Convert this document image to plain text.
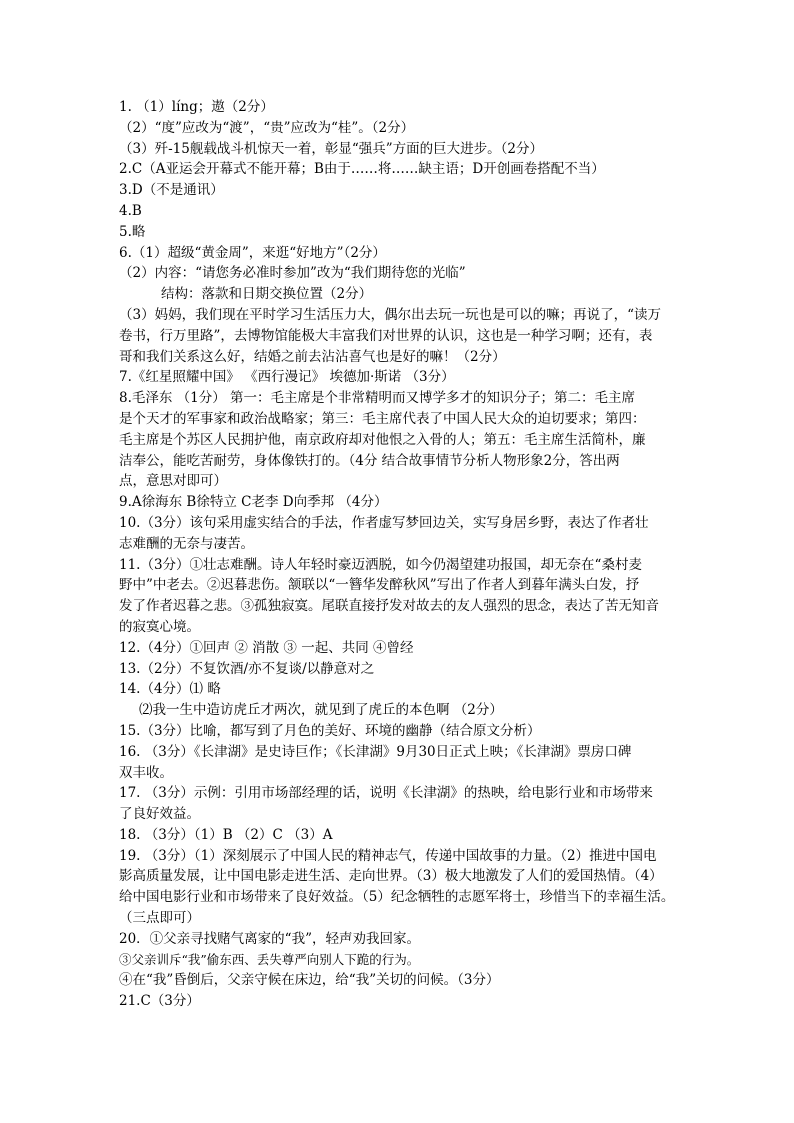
1. （1）líng；遨（2分）
（2）“度”应改为“渡”，“贵”应改为“桂”。（2分）
（3）歼-15舰载战斗机惊天一着，彰显“强兵”方面的巨大进步。（2分）
2.C（A亚运会开幕式不能开幕；B由于……将……缺主语；D开创画卷搭配不当）
3.D（不是通讯）
4.B
5.略
6.（1）超级“黄金周”，来逛“好地方”（2分）
（2）内容：“请您务必准时参加”改为“我们期待您的光临”
结构：落款和日期交换位置（2分）
（3）妈妈，我们现在平时学习生活压力大，偶尔出去玩一玩也是可以的嘛；再说了，“读万
卷书，行万里路”，去博物馆能极大丰富我们对世界的认识，这也是一种学习啊；还有，表
哥和我们关系这么好，结婚之前去沾沾喜气也是好的嘛！（2分）
7.《红星照耀中国》 《西行漫记》 埃德加·斯诺 （3分）
8.毛泽东 （1分） 第一：毛主席是个非常精明而又博学多才的知识分子；第二：毛主席
是个天才的军事家和政治战略家；第三：毛主席代表了中国人民大众的迫切要求；第四：
毛主席是个苏区人民拥护他，南京政府却对他恨之入骨的人；第五：毛主席生活简朴，廉
洁奉公，能吃苦耐劳，身体像铁打的。（4分 结合故事情节分析人物形象2分，答出两
点，意思对即可）
9.A徐海东 B徐特立 C老李 D向季邦 （4分）
10.（3分）该句采用虚实结合的手法，作者虚写梦回边关，实写身居乡野，表达了作者壮
志难酬的无奈与凄苦。
11.（3分）①壮志难酬。诗人年轻时豪迈洒脱，如今仍渴望建功报国，却无奈在“桑村麦
野中”中老去。②迟暮悲伤。颔联以“一簪华发醉秋风”写出了作者人到暮年满头白发，抒
发了作者迟暮之悲。③孤独寂寞。尾联直接抒发对故去的友人强烈的思念，表达了苦无知音
的寂寞心境。
12.（4分）①回声 ② 消散 ③ 一起、共同 ④曾经
13.（2分）不复饮酒/亦不复谈/以静意对之
14.（4分）⑴ 略
⑵我一生中造访虎丘才两次，就见到了虎丘的本色啊 （2分）
15.（3分）比喻，都写到了月色的美好、环境的幽静（结合原文分析）
16. （3分）《长津湖》是史诗巨作；《长津湖》9月30日正式上映；《长津湖》票房口碑
双丰收。
17. （3分）示例：引用市场部经理的话，说明《长津湖》的热映，给电影行业和市场带来
了良好效益。
18. （3分）（1）B （2）C （3）A
19. （3分）（1）深刻展示了中国人民的精神志气，传递中国故事的力量。（2）推进中国电
影高质量发展，让中国电影走进生活、走向世界。（3）极大地激发了人们的爱国热情。（4）
给中国电影行业和市场带来了良好效益。（5）纪念牺牲的志愿军将士，珍惜当下的幸福生活。
（三点即可）
20．①父亲寻找赌气离家的“我”，轻声劝我回家。
③父亲训斥“我”偷东西、丢失尊严向别人下跪的行为。
④在“我”昏倒后，父亲守候在床边，给“我”关切的问候。（3分）
21.C（3分）
